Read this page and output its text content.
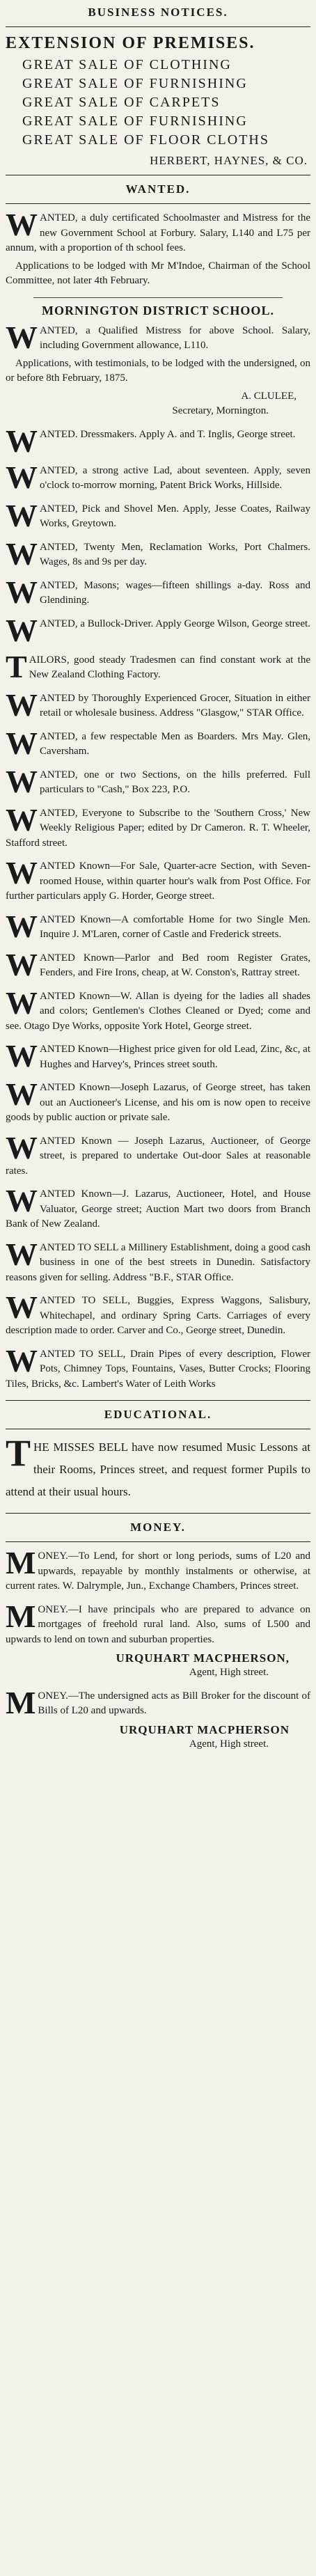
BUSINESS NOTICES.
EXTENSION OF PREMISES.
GREAT SALE OF CLOTHING
GREAT SALE OF FURNISHING
GREAT SALE OF CARPETS
GREAT SALE OF FURNISHING
GREAT SALE OF FLOOR CLOTHS
HERBERT, HAYNES, & CO.
WANTED.
WANTED, a duly certificated Schoolmaster and Mistress for the new Government School at Forbury. Salary, L140 and L75 per annum, with a proportion of th school fees.
Applications to be lodged with Mr M'Indoe, Chairman of the School Committee, not later 4th February.
MORNINGTON DISTRICT SCHOOL.
WANTED, a Qualified Mistress for above School. Salary, including Government allowance, L110.
Applications, with testimonials, to be lodged with the undersigned, on or before 8th February, 1875.
A. CLULEE,
Secretary, Mornington.
WANTED. Dressmakers. Apply A. and T. Inglis, George street.
WANTED, a strong active Lad, about seventeen. Apply, seven o'clock to-morrow morning, Patent Brick Works, Hillside.
WANTED, Pick and Shovel Men. Apply, Jesse Coates, Railway Works, Greytown.
WANTED, Twenty Men, Reclamation Works, Port Chalmers. Wages, 8s and 9s per day.
WANTED, Masons; wages—fifteen shillings a-day. Ross and Glendining.
WANTED, a Bullock-Driver. Apply George Wilson, George street.
TAILORS, good steady Tradesmen can find constant work at the New Zealand Clothing Factory.
WANTED by Thoroughly Experienced Grocer, Situation in either retail or wholesale business. Address "Glasgow," STAR Office.
WANTED, a few respectable Men as Boarders. Mrs May. Glen, Caversham.
WANTED, one or two Sections, on the hills preferred. Full particulars to "Cash," Box 223, P.O.
WANTED, Everyone to Subscribe to the 'Southern Cross,' New Weekly Religious Paper; edited by Dr Cameron. R. T. Wheeler, Stafford street.
WANTED Known—For Sale, Quarter-acre Section, with Seven-roomed House, within quarter hour's walk from Post Office. For further particulars apply G. Horder, George street.
WANTED Known—A comfortable Home for two Single Men. Inquire J. M'Laren, corner of Castle and Frederick streets.
WANTED Known—Parlor and Bed room Register Grates, Fenders, and Fire Irons, cheap, at W. Conston's, Rattray street.
WANTED Known—W. Allan is dyeing for the ladies all shades and colors; Gentlemen's Clothes Cleaned or Dyed; come and see. Otago Dye Works, opposite York Hotel, George street.
WANTED Known—Highest price given for old Lead, Zinc, &c, at Hughes and Harvey's, Princes street south.
WANTED Known—Joseph Lazarus, of George street, has taken out an Auctioneer's License, and his om is now open to receive goods by public auction or private sale.
WANTED Known — Joseph Lazarus, Auctioneer, of George street, is prepared to undertake Out-door Sales at reasonable rates.
WANTED Known—J. Lazarus, Auctioneer, Hotel, and House Valuator, George street; Auction Mart two doors from Branch Bank of New Zealand.
WANTED TO SELL a Millinery Establishment, doing a good cash business in one of the best streets in Dunedin. Satisfactory reasons given for selling. Address "B.F., STAR Office.
WANTED TO SELL, Buggies, Express Waggons, Salisbury, Whitechapel, and ordinary Spring Carts. Carriages of every description made to order. Carver and Co., George street, Dunedin.
WANTED TO SELL, Drain Pipes of every description, Flower Pots, Chimney Tops, Fountains, Vases, Butter Crocks; Flooring Tiles, Bricks, &c. Lambert's Water of Leith Works
EDUCATIONAL.
THE MISSES BELL have now resumed Music Lessons at their Rooms, Princes street, and request former Pupils to attend at their usual hours.
MONEY.
MONEY.—To Lend, for short or long periods, sums of L20 and upwards, repayable by monthly instalments or otherwise, at current rates. W. Dalrymple, Jun., Exchange Chambers, Princes street.
MONEY.—I have principals who are prepared to advance on mortgages of freehold rural land. Also, sums of L500 and upwards to lend on town and suburban properties.
URQUHART MACPHERSON,
Agent, High street.
MONEY.—The undersigned acts as Bill Broker for the discount of Bills of L20 and upwards.
URQUHART MACPHERSON
Agent, High street.
